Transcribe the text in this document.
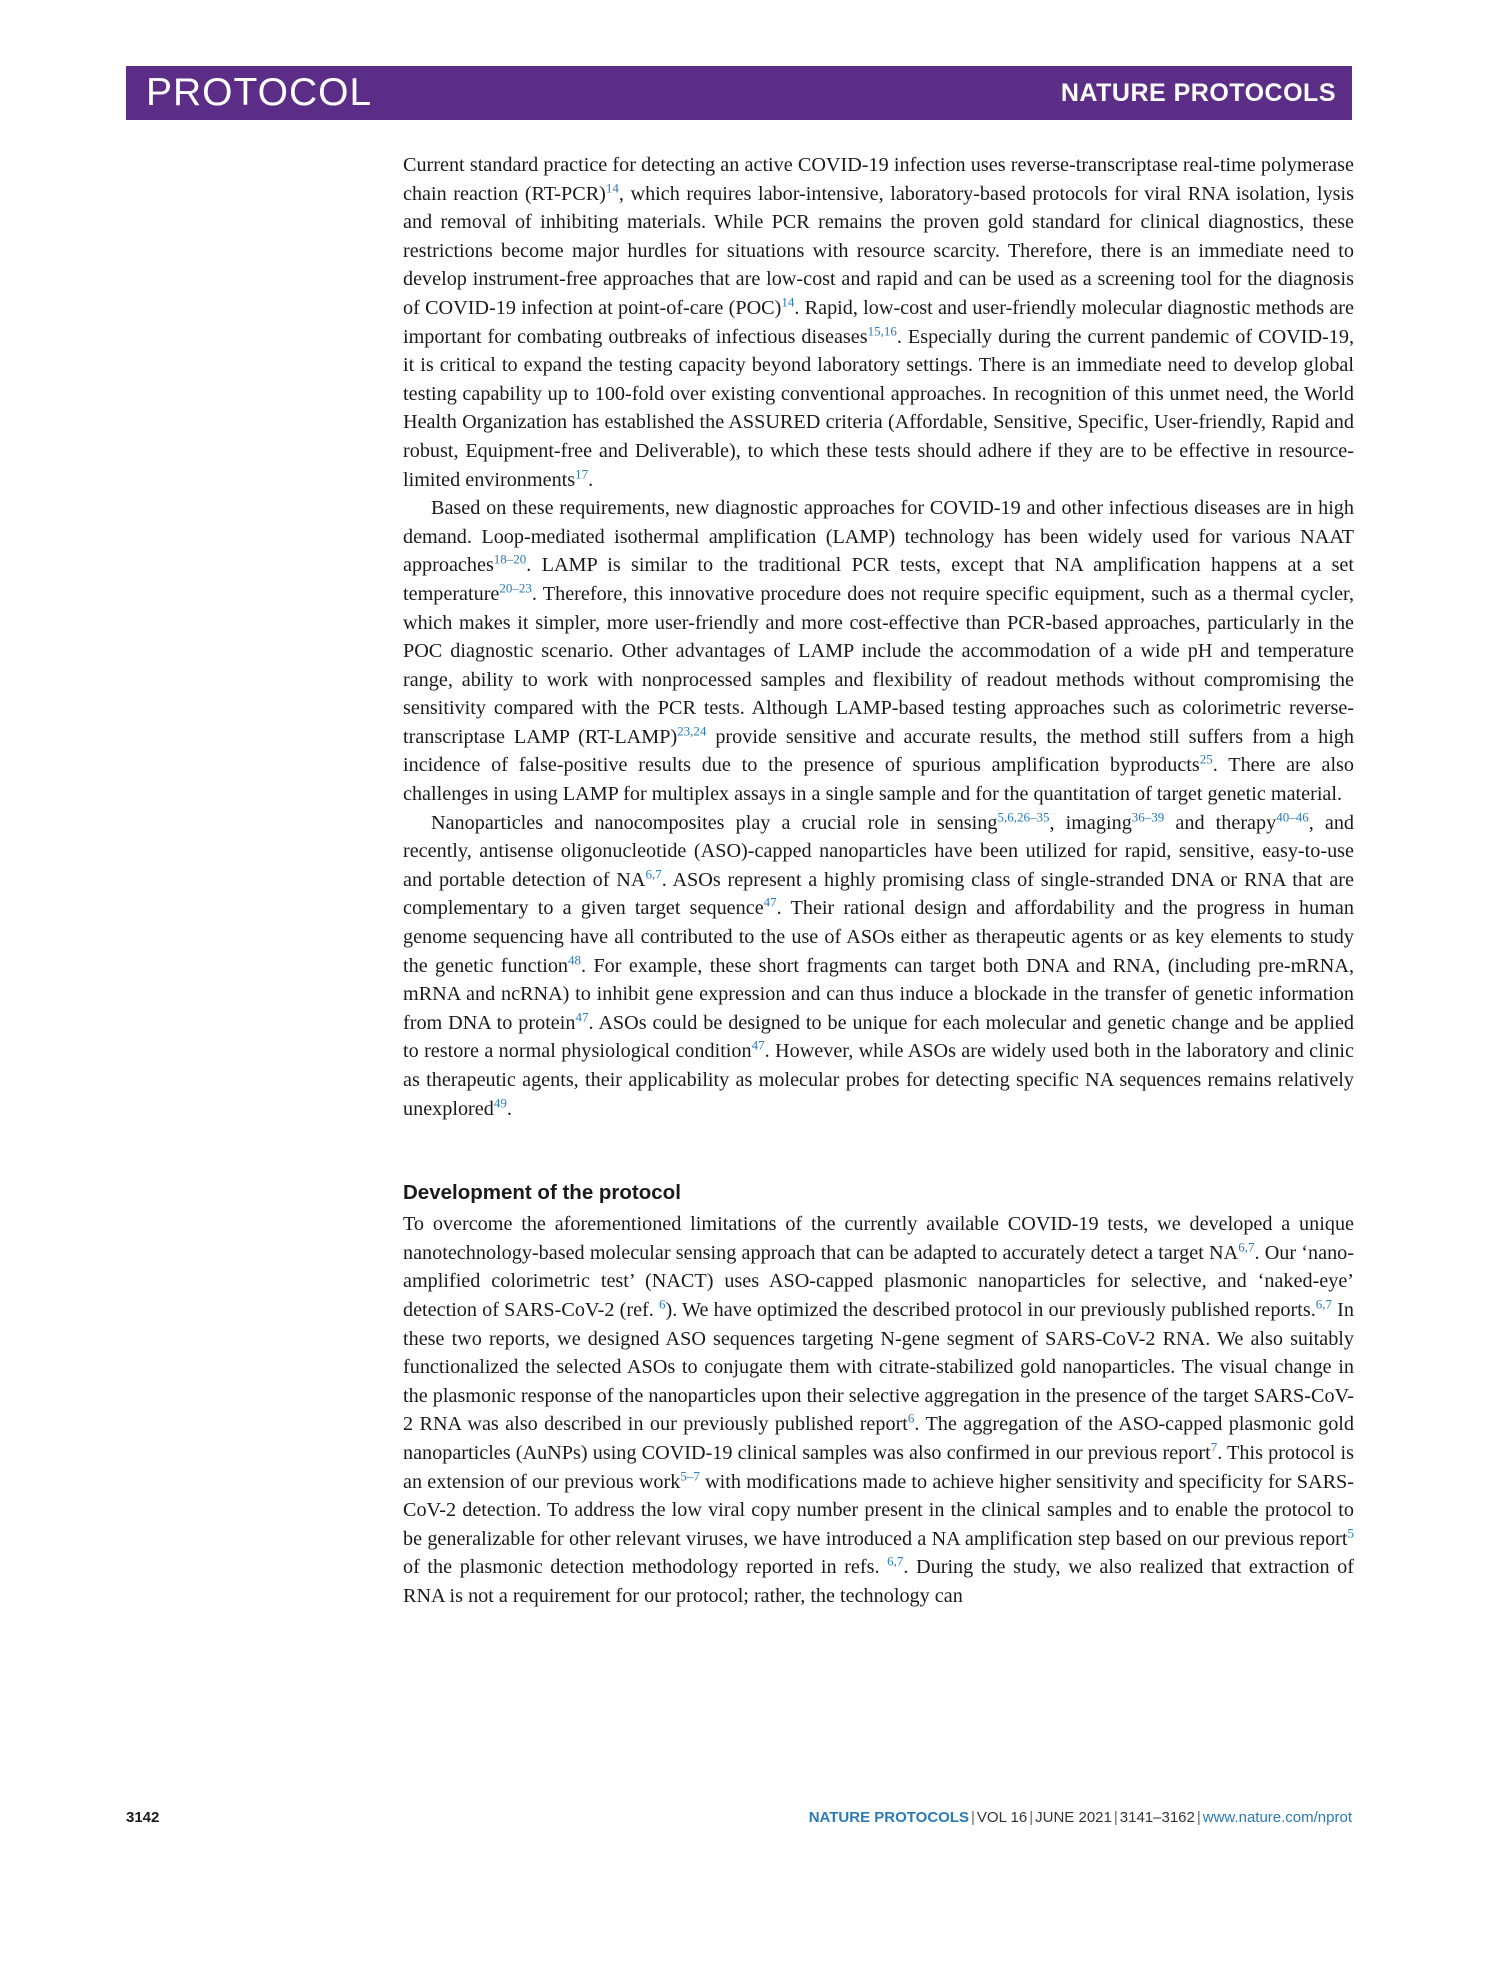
PROTOCOL	NATURE PROTOCOLS

Current standard practice for detecting an active COVID-19 infection uses reverse-transcriptase real-time polymerase chain reaction (RT-PCR)$^{14}$, which requires labor-intensive, laboratory-based protocols for viral RNA isolation, lysis and removal of inhibiting materials. While PCR remains the proven gold standard for clinical diagnostics, these restrictions become major hurdles for situations with resource scarcity. Therefore, there is an immediate need to develop instrument-free approaches that are low-cost and rapid and can be used as a screening tool for the diagnosis of COVID-19 infection at point-of-care (POC)$^{14}$. Rapid, low-cost and user-friendly molecular diagnostic methods are important for combating outbreaks of infectious diseases$^{15,16}$. Especially during the current pandemic of COVID-19, it is critical to expand the testing capacity beyond laboratory settings. There is an immediate need to develop global testing capability up to 100-fold over existing conventional approaches. In recognition of this unmet need, the World Health Organization has established the ASSURED criteria (Affordable, Sensitive, Specific, User-friendly, Rapid and robust, Equipment-free and Deliverable), to which these tests should adhere if they are to be effective in resource-limited environments$^{17}$.

Based on these requirements, new diagnostic approaches for COVID-19 and other infectious diseases are in high demand. Loop-mediated isothermal amplification (LAMP) technology has been widely used for various NAAT approaches$^{18-20}$. LAMP is similar to the traditional PCR tests, except that NA amplification happens at a set temperature$^{20-23}$. Therefore, this innovative procedure does not require specific equipment, such as a thermal cycler, which makes it simpler, more user-friendly and more cost-effective than PCR-based approaches, particularly in the POC diagnostic scenario. Other advantages of LAMP include the accommodation of a wide pH and temperature range, ability to work with nonprocessed samples and flexibility of readout methods without compromising the sensitivity compared with the PCR tests. Although LAMP-based testing approaches such as colorimetric reverse-transcriptase LAMP (RT-LAMP)$^{23,24}$ provide sensitive and accurate results, the method still suffers from a high incidence of false-positive results due to the presence of spurious amplification byproducts$^{25}$. There are also challenges in using LAMP for multiplex assays in a single sample and for the quantitation of target genetic material.

Nanoparticles and nanocomposites play a crucial role in sensing$^{5,6,26-35}$, imaging$^{36-39}$ and therapy$^{40-46}$, and recently, antisense oligonucleotide (ASO)-capped nanoparticles have been utilized for rapid, sensitive, easy-to-use and portable detection of NA$^{6,7}$. ASOs represent a highly promising class of single-stranded DNA or RNA that are complementary to a given target sequence$^{47}$. Their rational design and affordability and the progress in human genome sequencing have all contributed to the use of ASOs either as therapeutic agents or as key elements to study the genetic function$^{48}$. For example, these short fragments can target both DNA and RNA, (including pre-mRNA, mRNA and ncRNA) to inhibit gene expression and can thus induce a blockade in the transfer of genetic information from DNA to protein$^{47}$. ASOs could be designed to be unique for each molecular and genetic change and be applied to restore a normal physiological condition$^{47}$. However, while ASOs are widely used both in the laboratory and clinic as therapeutic agents, their applicability as molecular probes for detecting specific NA sequences remains relatively unexplored$^{49}$.

Development of the protocol

To overcome the aforementioned limitations of the currently available COVID-19 tests, we developed a unique nanotechnology-based molecular sensing approach that can be adapted to accurately detect a target NA$^{6,7}$. Our ‘nano-amplified colorimetric test’ (NACT) uses ASO-capped plasmonic nanoparticles for selective, and ‘naked-eye’ detection of SARS-CoV-2 (ref. $^6$). We have optimized the described protocol in our previously published reports.$^{6,7}$ In these two reports, we designed ASO sequences targeting N-gene segment of SARS-CoV-2 RNA. We also suitably functionalized the selected ASOs to conjugate them with citrate-stabilized gold nanoparticles. The visual change in the plasmonic response of the nanoparticles upon their selective aggregation in the presence of the target SARS-CoV-2 RNA was also described in our previously published report$^6$. The aggregation of the ASO-capped plasmonic gold nanoparticles (AuNPs) using COVID-19 clinical samples was also confirmed in our previous report$^7$. This protocol is an extension of our previous work$^{5-7}$ with modifications made to achieve higher sensitivity and specificity for SARS-CoV-2 detection. To address the low viral copy number present in the clinical samples and to enable the protocol to be generalizable for other relevant viruses, we have introduced a NA amplification step based on our previous report$^5$ of the plasmonic detection methodology reported in refs. $^{6,7}$. During the study, we also realized that extraction of RNA is not a requirement for our protocol; rather, the technology can

3142	NATURE PROTOCOLS | VOL 16 | JUNE 2021 | 3141–3162 | www.nature.com/nprot
